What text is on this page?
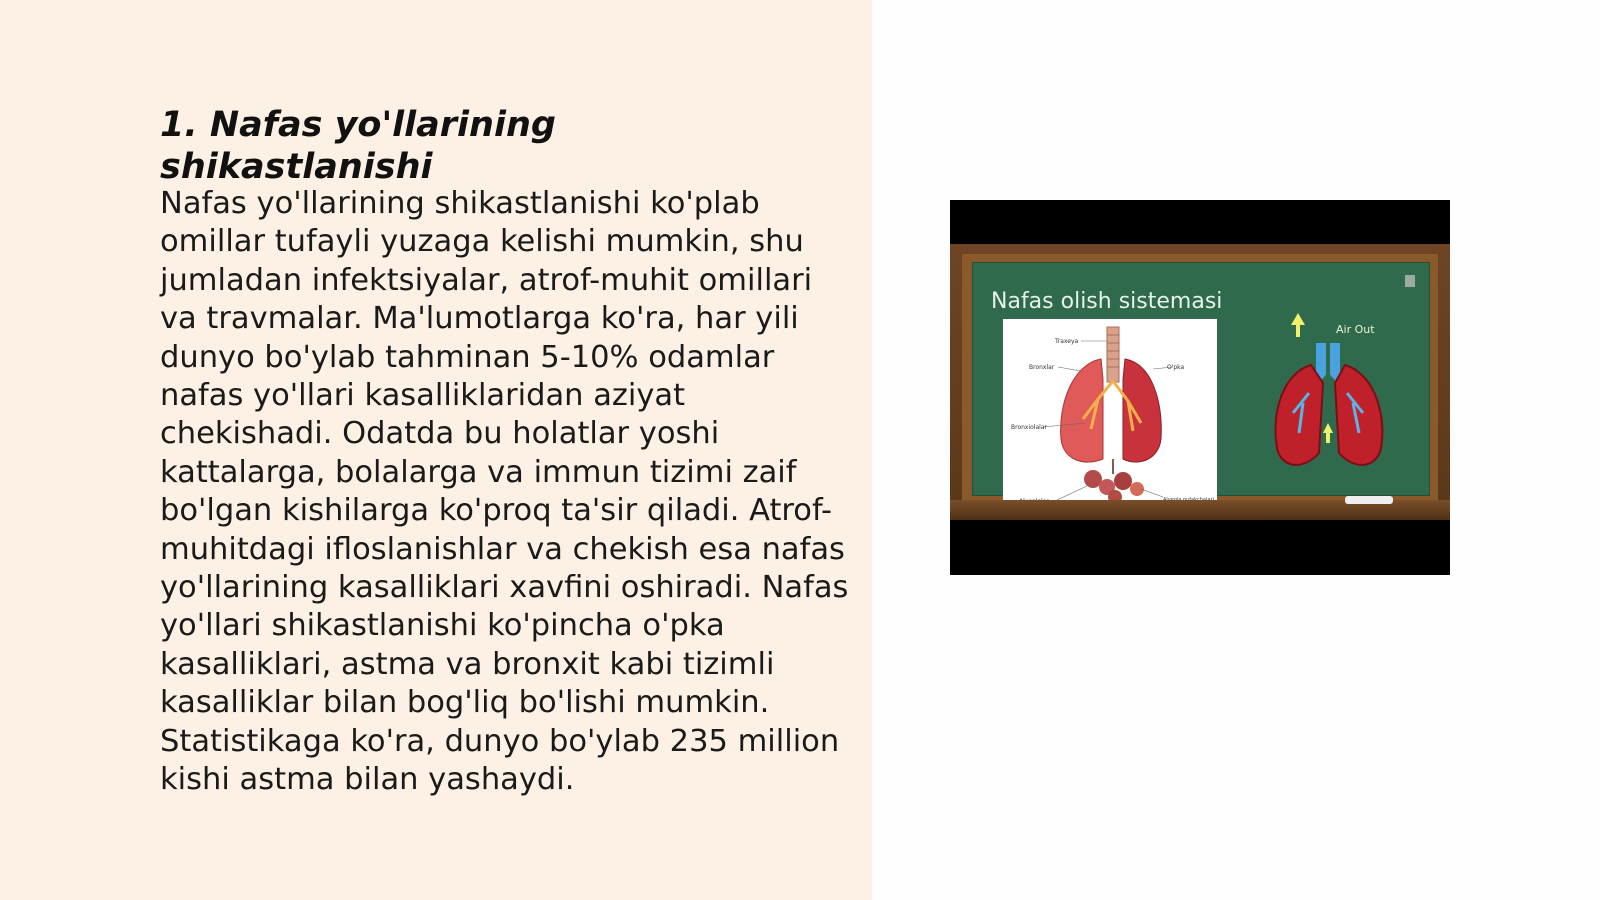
1. Nafas yo'llarining shikastlanishi

Nafas yo'llarining shikastlanishi ko'plab omillar tufayli yuzaga kelishi mumkin, shu jumladan infektsiyalar, atrof-muhit omillari va travmalar. Ma'lumotlarga ko'ra, har yili dunyo bo'ylab tahminan 5-10% odamlar nafas yo'llari kasalliklaridan aziyat chekishadi. Odatda bu holatlar yoshi kattalarga, bolalarga va immun tizimi zaif bo'lgan kishilarga ko'proq ta'sir qiladi. Atrof-muhitdagi ifloslanishlar va chekish esa nafas yo'llarining kasalliklari xavfini oshiradi. Nafas yo'llari shikastlanishi ko'pincha o'pka kasalliklari, astma va bronxit kabi tizimli kasalliklar bilan bog'liq bo'lishi mumkin. Statistikaga ko'ra, dunyo bo'ylab 235 million kishi astma bilan yashaydi.

Nafas olish sistemasi
Traxeya
Bronxlar	O'pka
Bronxiolalar
Air Out
